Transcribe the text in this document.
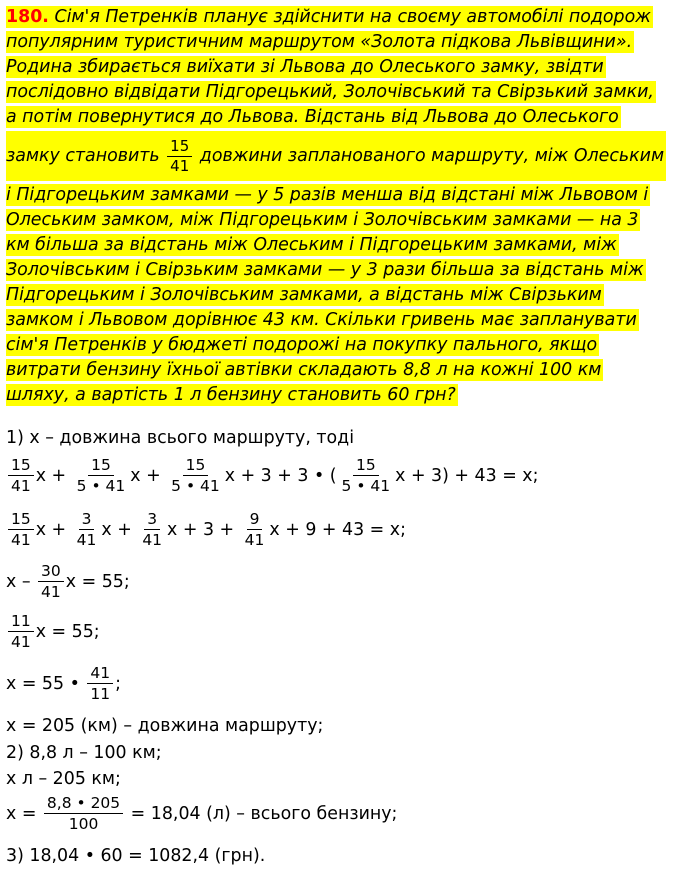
180. Сім'я Петренків планує здійснити на своєму автомобілі подорож
популярним туристичним маршрутом «Золота підкова Львівщини».
Родина збирається виїхати зі Львова до Олеського замку, звідти
послідовно відвідати Підгорецький, Золочівський та Свірзький замки,
а потім повернутися до Львова. Відстань від Львова до Олеського
замку становить $\frac{15}{41}$ довжини запланованого маршруту, між Олеським
і Підгорецьким замками — у 5 разів менша від відстані між Львовом і
Олеським замком, між Підгорецьким і Золочівським замками — на 3
км більша за відстань між Олеським і Підгорецьким замками, між
Золочівським і Свірзьким замками — у 3 рази більша за відстань між
Підгорецьким і Золочівським замками, а відстань між Свірзьким
замком і Львовом дорівнює 43 км. Скільки гривень має запланувати
сім'я Петренків у бюджеті подорожі на покупку пального, якщо
витрати бензину їхньої автівки складають 8,8 л на кожні 100 км
шляху, а вартість 1 л бензину становить 60 грн?
1) x – довжина всього маршруту, тоді
$\frac{15}{41}$ $x + \frac{15}{5 • 41}$ $x + \frac{15}{5 • 41}$ x + 3 + 3 • ( $\frac{15}{5 • 41}$ x + 3) + 43 = x;
$\frac{15}{41}$ $x + \frac{3}{41}$ $x + \frac{3}{41}$ $x + 3 + \frac{9}{41}$ x + 9 + 43 = x;
x – $\frac{30}{41}$ x = 55;
$\frac{11}{41}$ x = 55;
x = 55 • $\frac{41}{11}$ ;
x = 205 (км) – довжина маршруту;
2) 8,8 л – 100 км;
x л – 205 км;
$x = \frac{8,8 • 205}{100} = 18,04$ (л) – всього бензину;
3) 18,04 • 60 = 1082,4 (грн).
